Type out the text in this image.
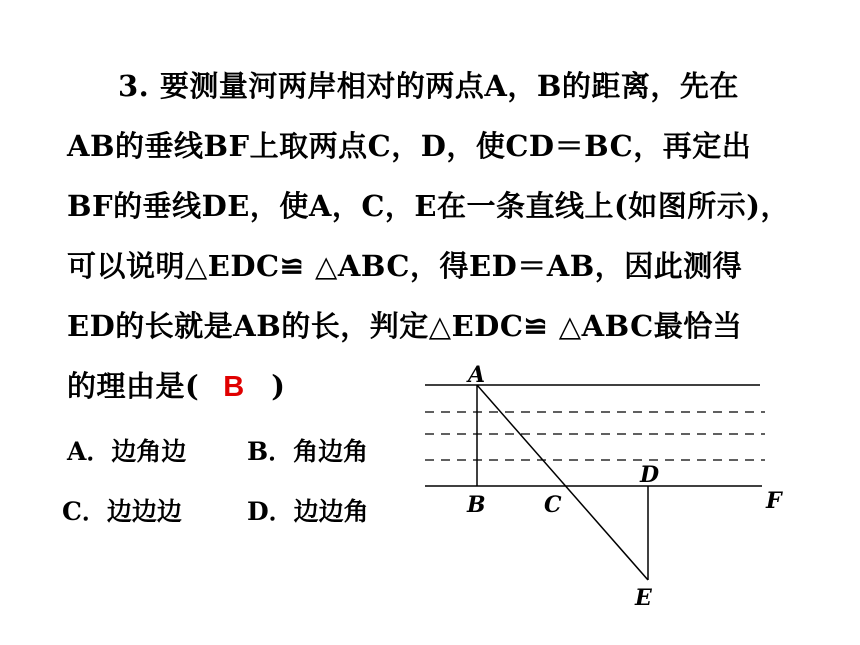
3. 要测量河两岸相对的两点A，B的距离，先在
AB的垂线BF上取两点C，D，使CD＝BC，再定出
BF的垂线DE，使A，C，E在一条直线上(如图所示)，
可以说明△EDC≌ △ABC，得ED＝AB，因此测得
ED的长就是AB的长，判定△EDC≌ △ABC最恰当
的理由是( B )
A．边角边 B．角边角
C．边边边	D．边边角
A
B	C
D
F
E
